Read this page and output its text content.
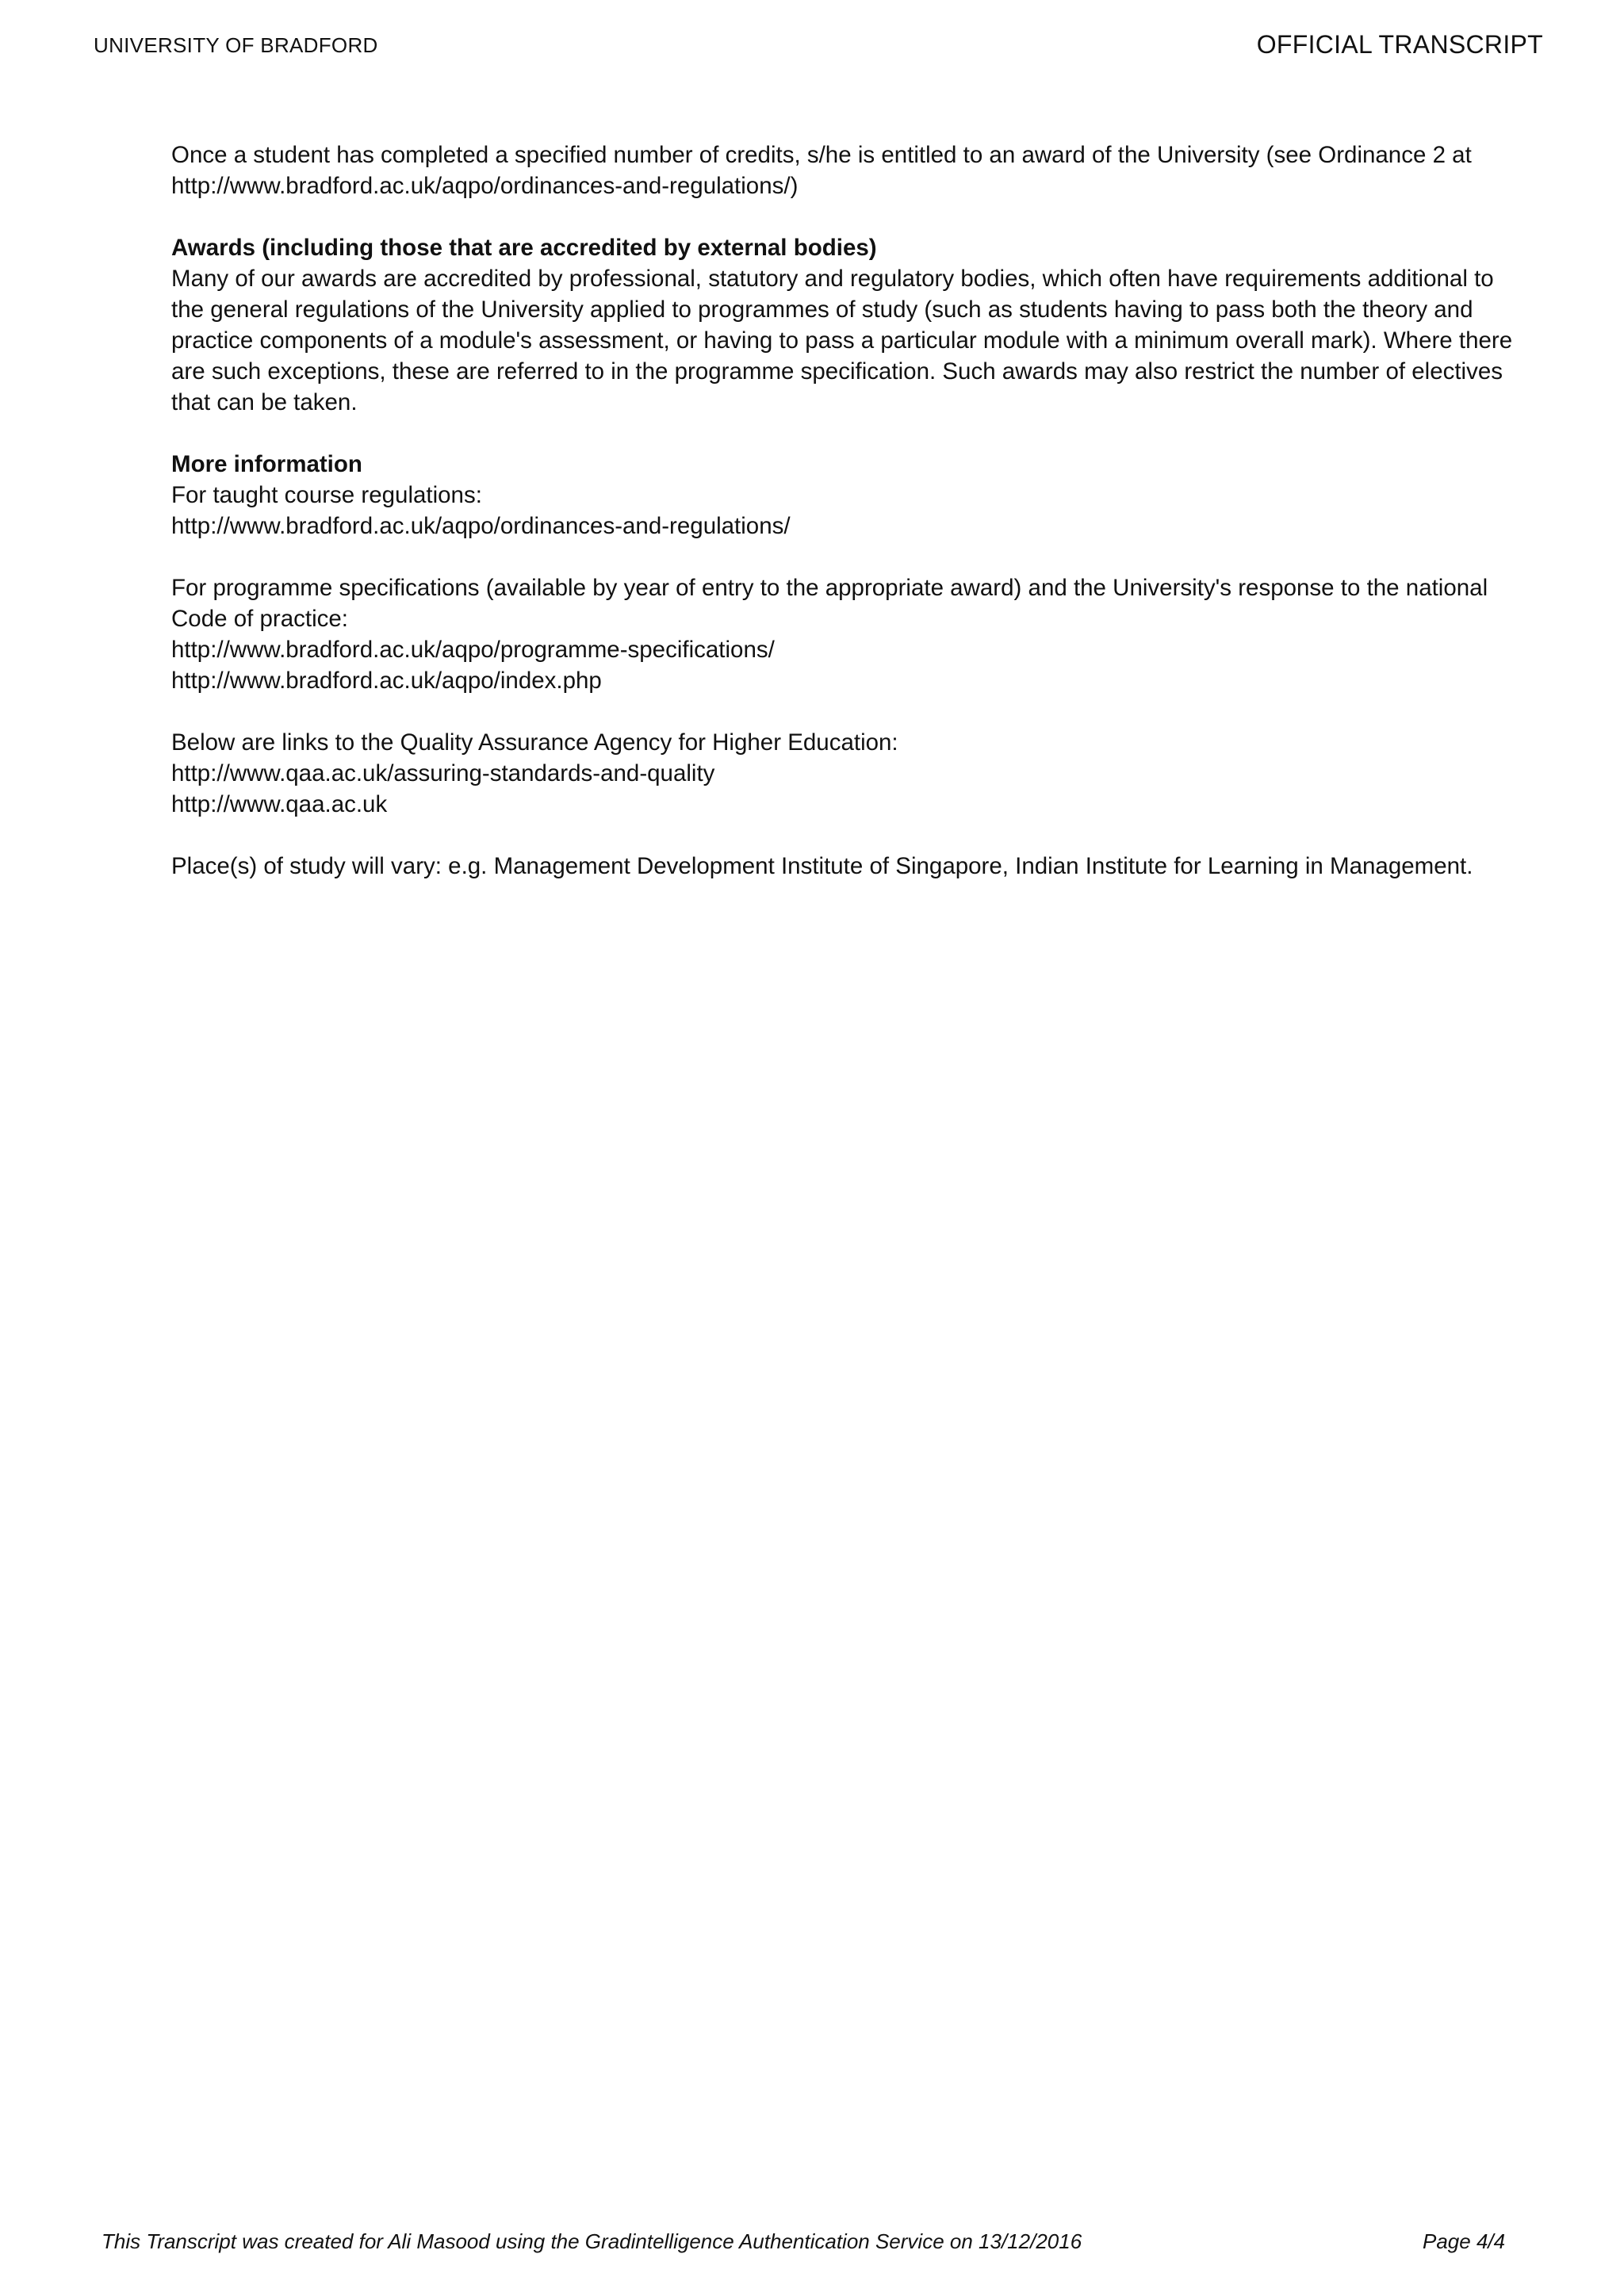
UNIVERSITY OF BRADFORD	OFFICIAL TRANSCRIPT

Once a student has completed a specified number of credits, s/he is entitled to an award of the University (see Ordinance 2 at http://www.bradford.ac.uk/aqpo/ordinances-and-regulations/)

Awards (including those that are accredited by external bodies)

Many of our awards are accredited by professional, statutory and regulatory bodies, which often have requirements additional to the general regulations of the University applied to programmes of study (such as students having to pass both the theory and practice components of a module's assessment, or having to pass a particular module with a minimum overall mark). Where there are such exceptions, these are referred to in the programme specification. Such awards may also restrict the number of electives that can be taken.

More information

For taught course regulations:

http://www.bradford.ac.uk/aqpo/ordinances-and-regulations/

For programme specifications (available by year of entry to the appropriate award) and the University's response to the national Code of practice:

http://www.bradford.ac.uk/aqpo/programme-specifications/

http://www.bradford.ac.uk/aqpo/index.php

Below are links to the Quality Assurance Agency for Higher Education:

http://www.qaa.ac.uk/assuring-standards-and-quality

http://www.qaa.ac.uk

Place(s) of study will vary: e.g. Management Development Institute of Singapore, Indian Institute for Learning in Management.

This Transcript was created for Ali Masood using the Gradintelligence Authentication Service on 13/12/2016	Page 4/4
